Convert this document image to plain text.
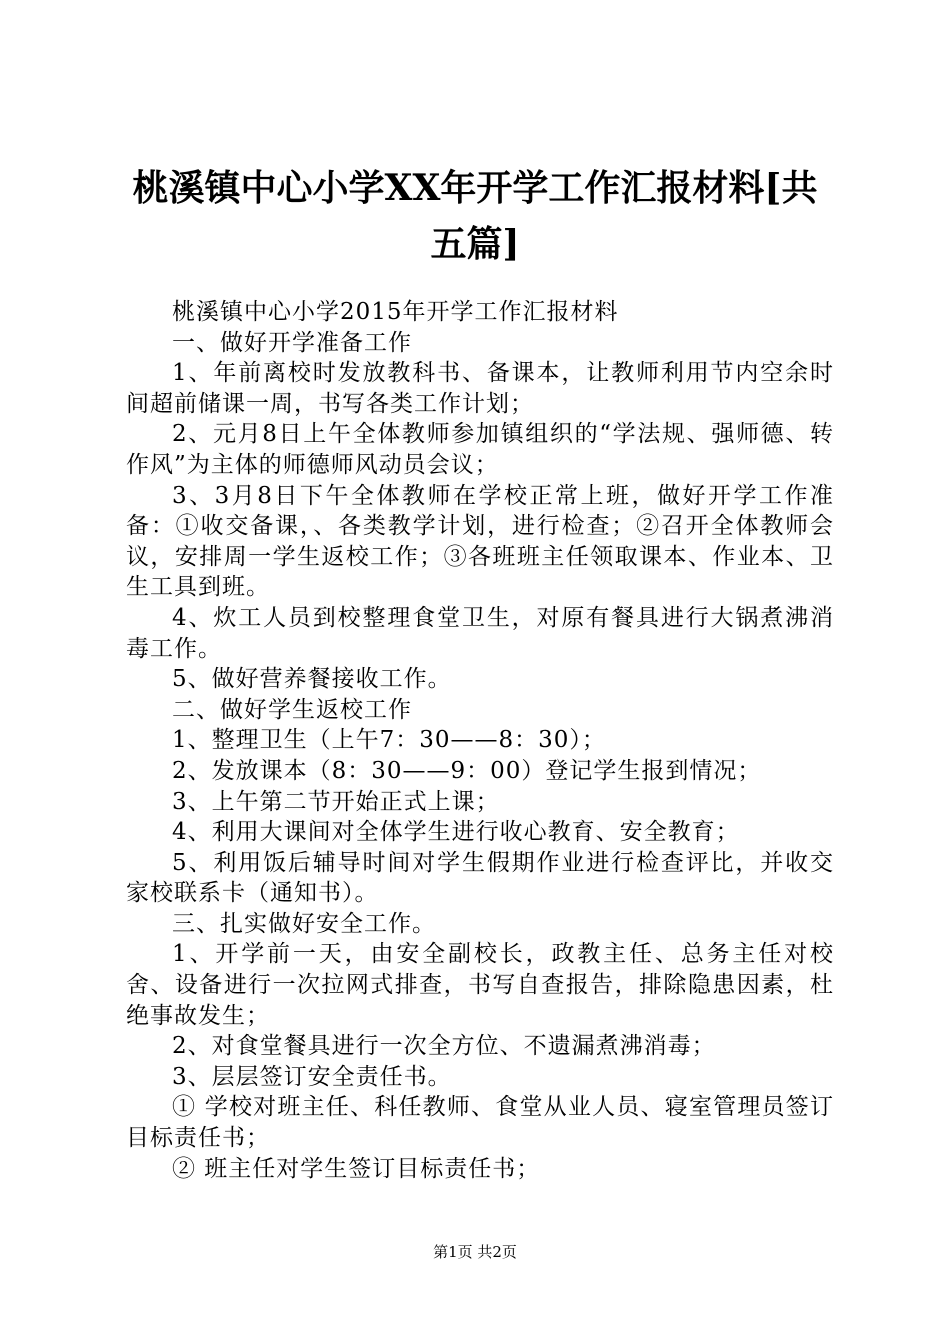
桃溪镇中心小学XX年开学工作汇报材料[共五篇]

桃溪镇中心小学2015年开学工作汇报材料

一、做好开学准备工作

1、年前离校时发放教科书、备课本，让教师利用节内空余时间超前储课一周，书写各类工作计划；

2、元月8日上午全体教师参加镇组织的“学法规、强师德、转作风”为主体的师德师风动员会议；

3、3月8日下午全体教师在学校正常上班，做好开学工作准备：①收交备课，、各类教学计划，进行检查；②召开全体教师会议，安排周一学生返校工作；③各班班主任领取课本、作业本、卫生工具到班。

4、炊工人员到校整理食堂卫生，对原有餐具进行大锅煮沸消毒工作。

5、做好营养餐接收工作。

二、做好学生返校工作

1、整理卫生（上午7：30——8：30）；

2、发放课本（8：30——9：00）登记学生报到情况；

3、上午第二节开始正式上课；

4、利用大课间对全体学生进行收心教育、安全教育；

5、利用饭后辅导时间对学生假期作业进行检查评比，并收交家校联系卡（通知书）。

三、扎实做好安全工作。

1、开学前一天，由安全副校长，政教主任、总务主任对校舍、设备进行一次拉网式排查，书写自查报告，排除隐患因素，杜绝事故发生；

2、对食堂餐具进行一次全方位、不遗漏煮沸消毒；

3、层层签订安全责任书。

① 学校对班主任、科任教师、食堂从业人员、寝室管理员签订目标责任书；

② 班主任对学生签订目标责任书；

第1页 共2页
